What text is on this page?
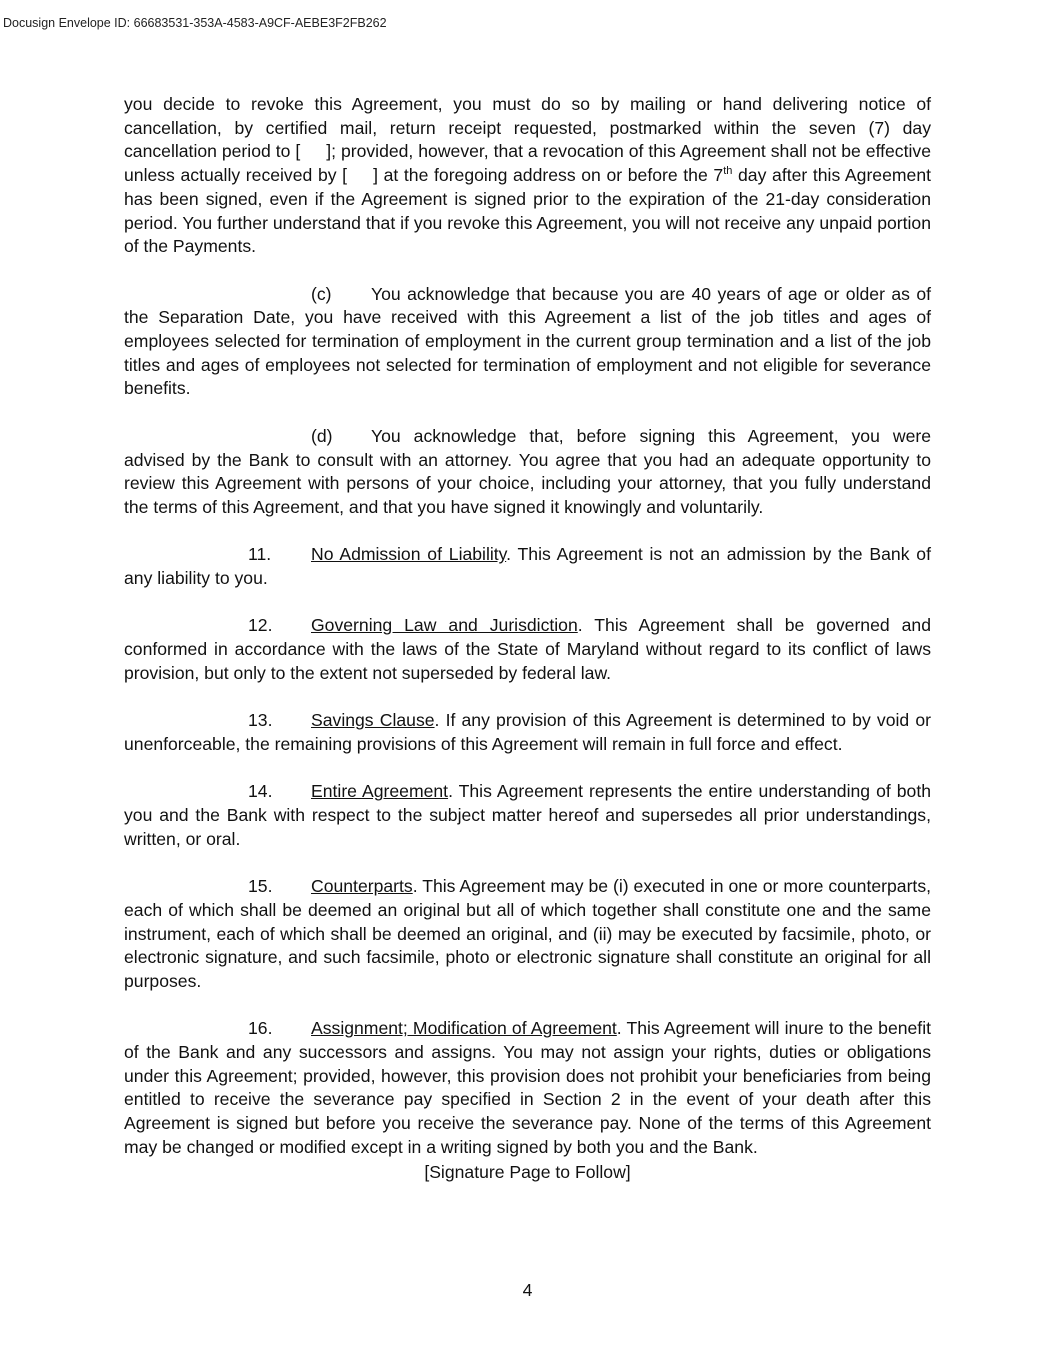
Docusign Envelope ID: 66683531-353A-4583-A9CF-AEBE3F2FB262

you decide to revoke this Agreement, you must do so by mailing or hand delivering notice of cancellation, by certified mail, return receipt requested, postmarked within the seven (7) day cancellation period to [ ]; provided, however, that a revocation of this Agreement shall not be effective unless actually received by [ ] at the foregoing address on or before the 7th day after this Agreement has been signed, even if the Agreement is signed prior to the expiration of the 21-day consideration period. You further understand that if you revoke this Agreement, you will not receive any unpaid portion of the Payments.

(c) You acknowledge that because you are 40 years of age or older as of the Separation Date, you have received with this Agreement a list of the job titles and ages of employees selected for termination of employment in the current group termination and a list of the job titles and ages of employees not selected for termination of employment and not eligible for severance benefits.

(d) You acknowledge that, before signing this Agreement, you were advised by the Bank to consult with an attorney. You agree that you had an adequate opportunity to review this Agreement with persons of your choice, including your attorney, that you fully understand the terms of this Agreement, and that you have signed it knowingly and voluntarily.

11. No Admission of Liability. This Agreement is not an admission by the Bank of any liability to you.

12. Governing Law and Jurisdiction. This Agreement shall be governed and conformed in accordance with the laws of the State of Maryland without regard to its conflict of laws provision, but only to the extent not superseded by federal law.

13. Savings Clause. If any provision of this Agreement is determined to by void or unenforceable, the remaining provisions of this Agreement will remain in full force and effect.

14. Entire Agreement. This Agreement represents the entire understanding of both you and the Bank with respect to the subject matter hereof and supersedes all prior understandings, written, or oral.

15. Counterparts. This Agreement may be (i) executed in one or more counterparts, each of which shall be deemed an original but all of which together shall constitute one and the same instrument, each of which shall be deemed an original, and (ii) may be executed by facsimile, photo, or electronic signature, and such facsimile, photo or electronic signature shall constitute an original for all purposes.

16. Assignment; Modification of Agreement. This Agreement will inure to the benefit of the Bank and any successors and assigns. You may not assign your rights, duties or obligations under this Agreement; provided, however, this provision does not prohibit your beneficiaries from being entitled to receive the severance pay specified in Section 2 in the event of your death after this Agreement is signed but before you receive the severance pay. None of the terms of this Agreement may be changed or modified except in a writing signed by both you and the Bank.

[Signature Page to Follow]
4
